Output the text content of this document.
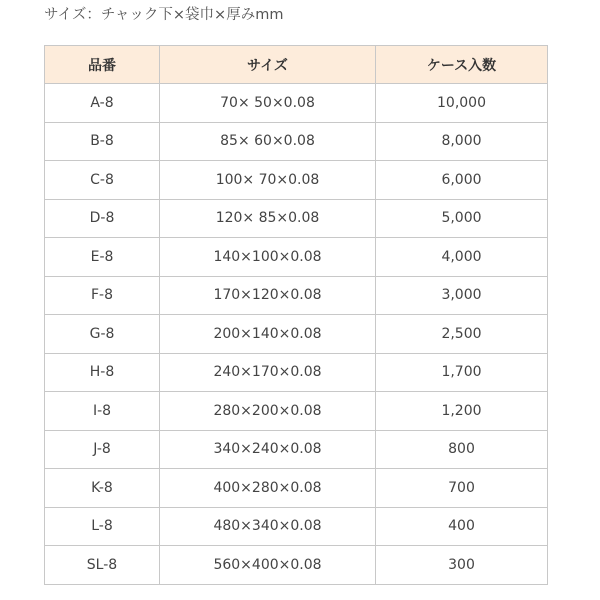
サイズ：チャック下×袋巾×厚みmm
品番	サイズ	ケース入数
A-8	70× 50×0.08	10,000
B-8	85× 60×0.08	8,000
C-8	100× 70×0.08	6,000
D-8	120× 85×0.08	5,000
E-8	140×100×0.08	4,000
F-8	170×120×0.08	3,000
G-8	200×140×0.08	2,500
H-8	240×170×0.08	1,700
I-8	280×200×0.08	1,200
J-8	340×240×0.08	800
K-8	400×280×0.08	700
L-8	480×340×0.08	400
SL-8	560×400×0.08	300
